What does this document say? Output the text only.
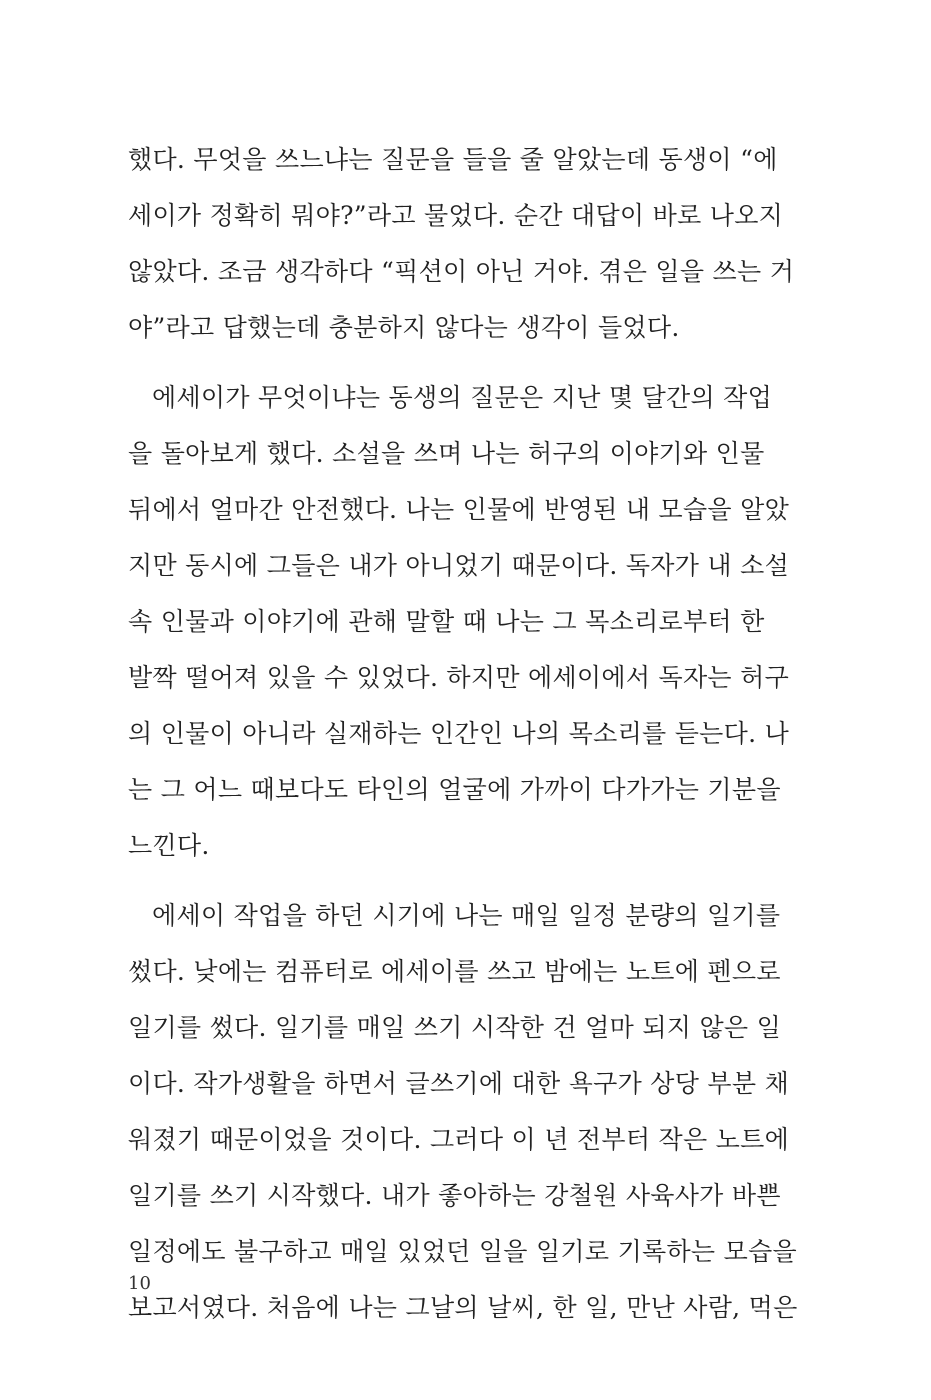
했다. 무엇을 쓰느냐는 질문을 들을 줄 알았는데 동생이 “에
세이가 정확히 뭐야?”라고 물었다. 순간 대답이 바로 나오지
않았다. 조금 생각하다 “픽션이 아닌 거야. 겪은 일을 쓰는 거
야”라고 답했는데 충분하지 않다는 생각이 들었다.
에세이가 무엇이냐는 동생의 질문은 지난 몇 달간의 작업
을 돌아보게 했다. 소설을 쓰며 나는 허구의 이야기와 인물
뒤에서 얼마간 안전했다. 나는 인물에 반영된 내 모습을 알았
지만 동시에 그들은 내가 아니었기 때문이다. 독자가 내 소설
속 인물과 이야기에 관해 말할 때 나는 그 목소리로부터 한
발짝 떨어져 있을 수 있었다. 하지만 에세이에서 독자는 허구
의 인물이 아니라 실재하는 인간인 나의 목소리를 듣는다. 나
는 그 어느 때보다도 타인의 얼굴에 가까이 다가가는 기분을
느낀다.
에세이 작업을 하던 시기에 나는 매일 일정 분량의 일기를
썼다. 낮에는 컴퓨터로 에세이를 쓰고 밤에는 노트에 펜으로
일기를 썼다. 일기를 매일 쓰기 시작한 건 얼마 되지 않은 일
이다. 작가생활을 하면서 글쓰기에 대한 욕구가 상당 부분 채
워졌기 때문이었을 것이다. 그러다 이 년 전부터 작은 노트에
일기를 쓰기 시작했다. 내가 좋아하는 강철원 사육사가 바쁜
일정에도 불구하고 매일 있었던 일을 일기로 기록하는 모습을
보고서였다. 처음에 나는 그날의 날씨, 한 일, 만난 사람, 먹은
10
